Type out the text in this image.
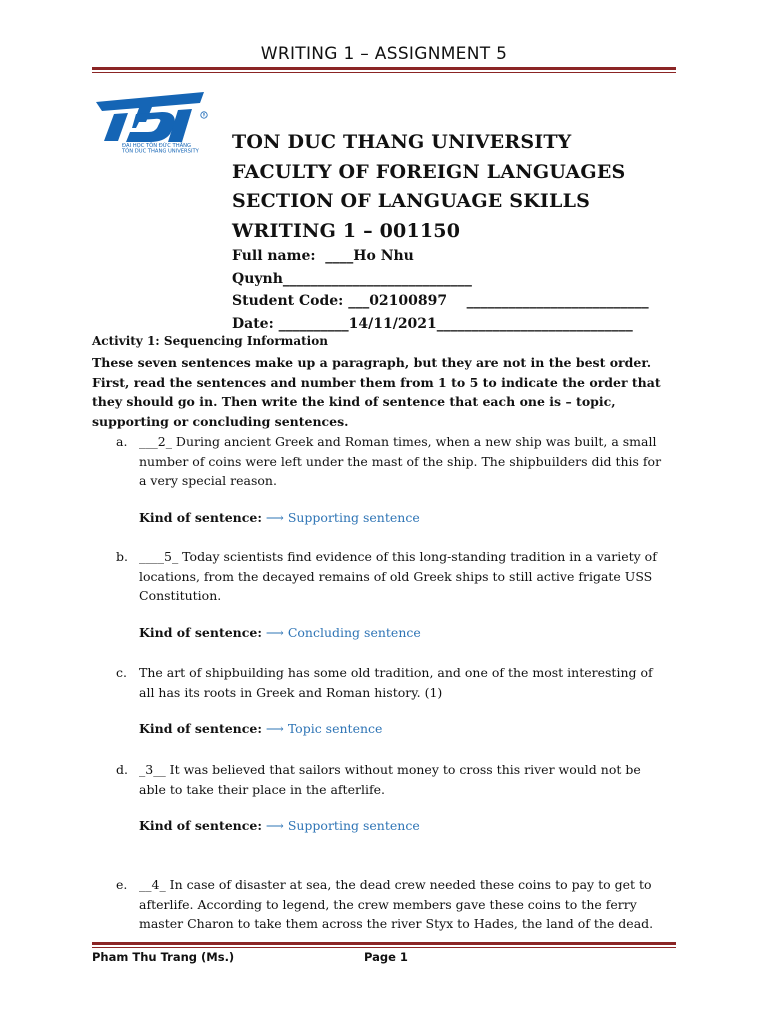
WRITING 1 – ASSIGNMENT 5
R
ĐẠI HỌC TÔN ĐỨC THẮNG
TON DUC THANG UNIVERSITY TON DUC THANG UNIVERSITY
FACULTY OF FOREIGN LANGUAGES
SECTION OF LANGUAGE SKILLS
WRITING 1 – 001150
Full name:  ____Ho Nhu
Quynh___________________________
Student Code: ___02100897    __________________________
Date: __________14/11/2021____________________________
Activity 1: Sequencing Information
These seven sentences make up a paragraph, but they are not in the best order. First, read the sentences and number them from 1 to 5 to indicate the order that they should go in. Then write the kind of sentence that each one is – topic, supporting or concluding sentences.
a. ___2_ During ancient Greek and Roman times, when a new ship was built, a small number of coins were left under the mast of the ship. The shipbuilders did this for a very special reason.
Kind of sentence: ⟶ Supporting sentence
b. ____5_ Today scientists find evidence of this long-standing tradition in a variety of locations, from the decayed remains of old Greek ships to still active frigate USS Constitution.
Kind of sentence: ⟶ Concluding sentence
c. The art of shipbuilding has some old tradition, and one of the most interesting of all has its roots in Greek and Roman history. (1)
Kind of sentence: ⟶ Topic sentence
d. _3__ It was believed that sailors without money to cross this river would not be able to take their place in the afterlife.
Kind of sentence: ⟶ Supporting sentence
e. __4_ In case of disaster at sea, the dead crew needed these coins to pay to get to afterlife. According to legend, the crew members gave these coins to the ferry master Charon to take them across the river Styx to Hades, the land of the dead.
Pham Thu Trang (Ms.)	Page 1
